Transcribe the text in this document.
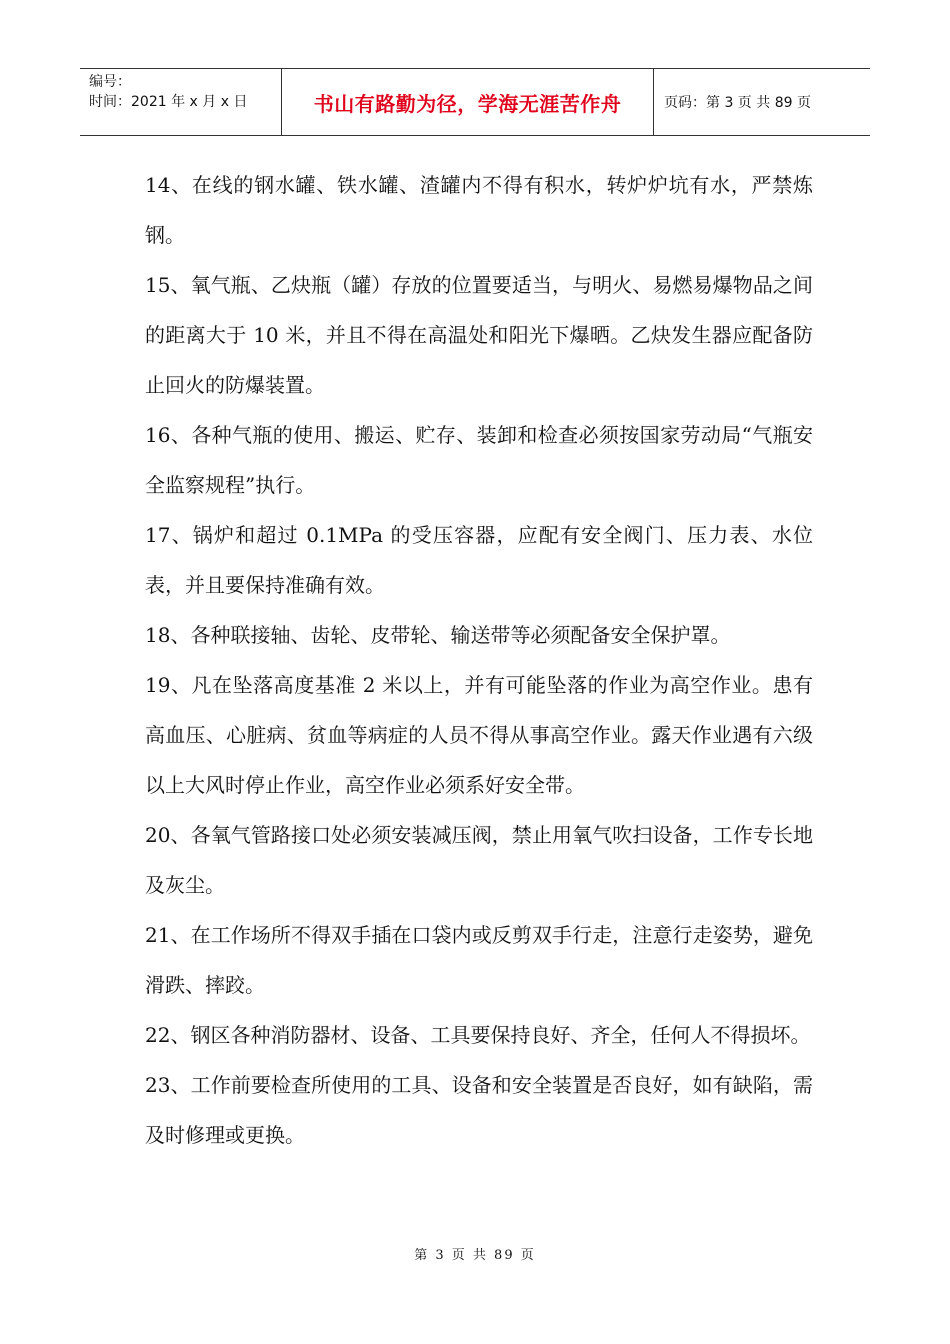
编号：
时间：2021 年 x 月 x 日	书山有路勤为径，学海无涯苦作舟	页码：第 3 页 共 89 页

14、在线的钢水罐、铁水罐、渣罐内不得有积水，转炉炉坑有水，严禁炼钢。

15、氧气瓶、乙炔瓶（罐）存放的位置要适当，与明火、易燃易爆物品之间的距离大于 10 米，并且不得在高温处和阳光下爆晒。乙炔发生器应配备防止回火的防爆装置。

16、各种气瓶的使用、搬运、贮存、装卸和检查必须按国家劳动局“气瓶安全监察规程”执行。

17、锅炉和超过 0.1MPa 的受压容器，应配有安全阀门、压力表、水位表，并且要保持准确有效。

18、各种联接轴、齿轮、皮带轮、输送带等必须配备安全保护罩。

19、凡在坠落高度基准 2 米以上，并有可能坠落的作业为高空作业。患有高血压、心脏病、贫血等病症的人员不得从事高空作业。露天作业遇有六级以上大风时停止作业，高空作业必须系好安全带。

20、各氧气管路接口处必须安装减压阀，禁止用氧气吹扫设备，工作专长地及灰尘。

21、在工作场所不得双手插在口袋内或反剪双手行走，注意行走姿势，避免滑跌、摔跤。

22、钢区各种消防器材、设备、工具要保持良好、齐全，任何人不得损坏。

23、工作前要检查所使用的工具、设备和安全装置是否良好，如有缺陷，需及时修理或更换。

第 3 页 共 89 页
